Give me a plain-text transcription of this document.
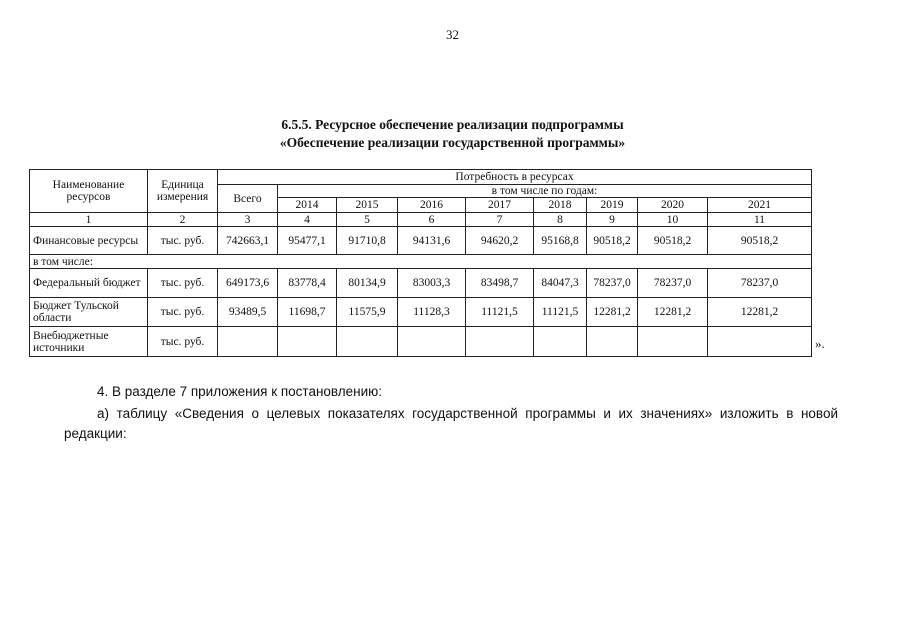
32
6.5.5. Ресурсное обеспечение реализации подпрограммы
«Обеспечение реализации государственной программы»
Наименование ресурсов	Единица измерения	Потребность в ресурсах								
		Всего	в том числе по годам:							
			2014	2015	2016	2017	2018	2019	2020	2021
1	2	3	4	5	6	7	8	9	10	11
Финансовые ресурсы	тыс. руб.	742663,1	95477,1	91710,8	94131,6	94620,2	95168,8	90518,2	90518,2	90518,2
в том числе:										
Федеральный бюджет	тыс. руб.	649173,6	83778,4	80134,9	83003,3	83498,7	84047,3	78237,0	78237,0	78237,0
Бюджет Тульской области	тыс. руб.	93489,5	11698,7	11575,9	11128,3	11121,5	11121,5	12281,2	12281,2	12281,2
Внебюджетные источники	тыс. руб.										».
4. В разделе 7 приложения к постановлению:
а) таблицу «Сведения о целевых показателях государственной программы и их значениях» изложить в новой редакции:
